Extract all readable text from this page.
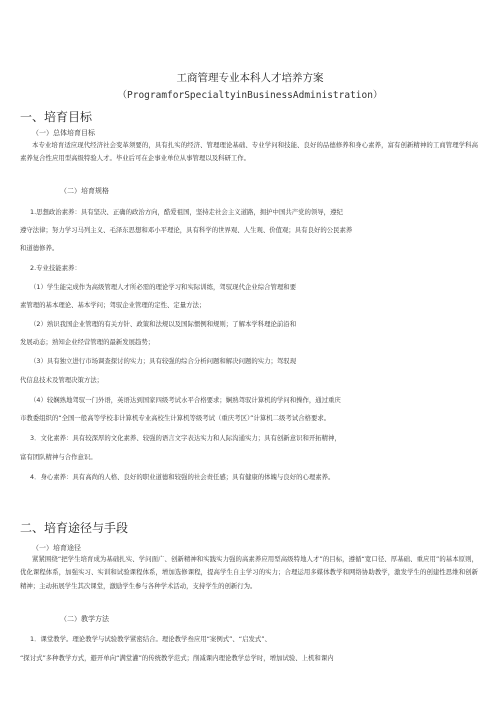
工商管理专业本科人才培养方案
（ProgramforSpecialtyinBusinessAdministration）
一、培育目标
（一）总体培育目标
本专业培育适应现代经济社会变革须要的，具有扎实的经济、管理理论基础、专业学问和技能、良好的品德修养和身心素养，富有创新精神的工商管理学科高素养复合性应用型高级特验人才。毕业后可在企事业单位从事管理以及科研工作。
（二）培育规格
1.思想政治素养：具有坚决、正确的政治方向，酷爱祖国，坚持走社会主义道路，拥护中国共产党的领导，遵纪
遵守法律；努力学习马列主义、毛泽东思想和邓小平理论，具有科学的世界观、人生观、价值观；具有良好的公民素养
和道德修养。
2.专业技能素养：
（1）学生能完成作为高级管理人才所必需的理论学习和实际训练，驾驭现代企业综合管理和要
素管理的基本理论、基本学问；驾驭企业管理的定性、定量方法；
（2）熟识我国企业管理的有关方针、政策和法规以及国际惯例和规则；了解本学科理论前沿和
发展动态；熟知企业经营管理的最新发展趋势；
（3）具有独立进行市场调查探讨的实力；具有较强的综合分析问题和解决问题的实力；驾驭现
代信息技术及管理决策方法；
（4）较娴熟地驾驭一门外语，英语达到国家四级考试水平合格要求；娴熟驾驭计算机的学问和操作，通过重庆
市教委组织的“全国一般高等学校非计算机专业高校生计算机等级考试（重庆考区）”计算机二级考试合格要求。
3．文化素养：具有较深厚的文化素养、较强的语言文字表达实力和人际沟通实力；具有创新意识和开拓精神，
富有团队精神与合作意识。
4．身心素养：具有高尚的人格、良好的职业道德和较强的社会责任感；具有健康的体魄与良好的心理素养。
二、培育途径与手段
（一）培育途径
紧紧围绕“把学生培育成为基础扎实、学问面广、创新精神和实践实力强的高素养应用型高级特地人才”的目标，遵循“宽口径、厚基础、重应用”的基本原则，优化课程体系，加强实习、实训和试验课程体系，增加选修课程，提高学生自主学习的实力；合理运用多媒体教学和网络协助教学，激发学生的创建性思维和创新精神；主动拓展学生其次课堂，激励学生参与各种学术活动，支持学生的创新行为。
（二）教学方法
1．课堂教学。理论教学与试验教学紧密结合。理论教学叁应用“案例式”、“启发式”、
“探讨式”多种教学方式，避开单向“满堂灌”的传统教学范式；削减课内理论教学总学时，增加试验、上机和课内
